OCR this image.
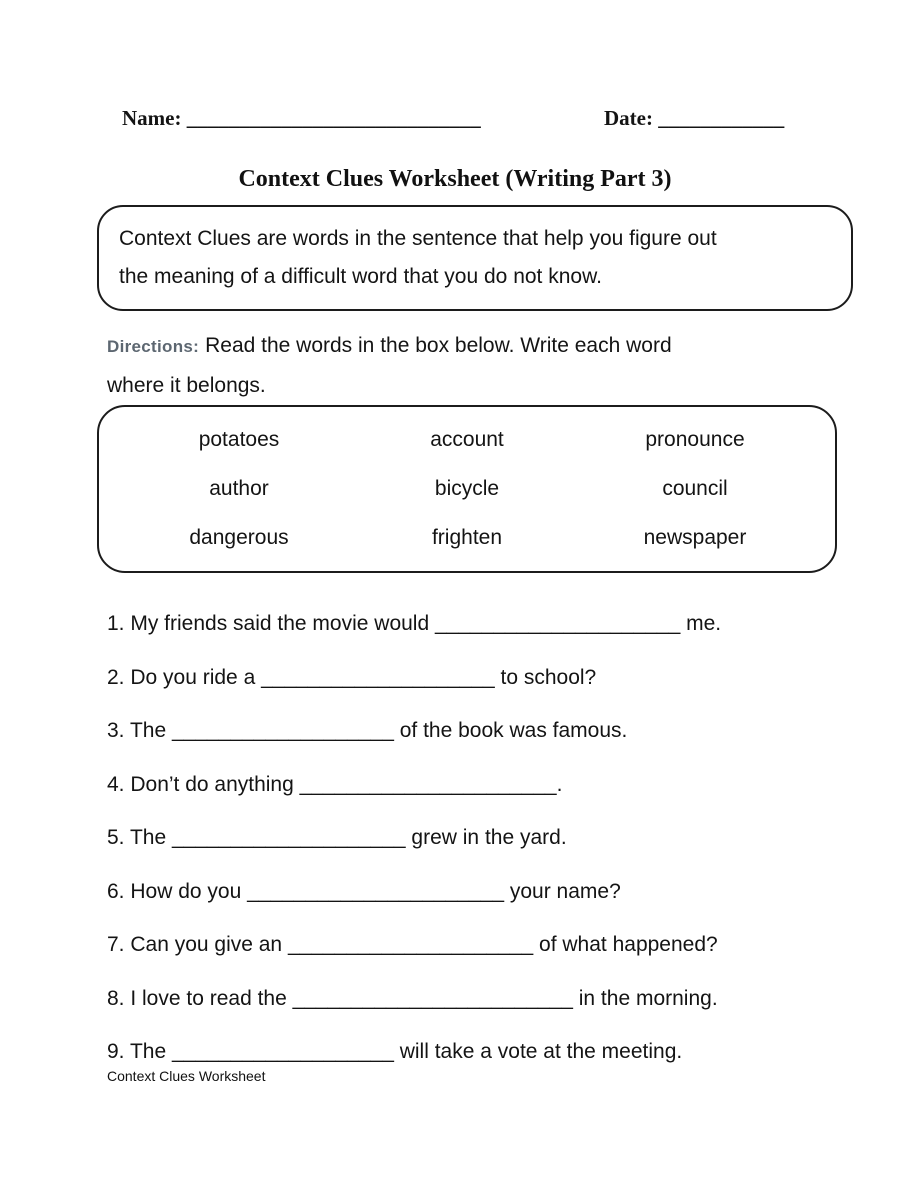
Name: ____________________________	Date: ____________
Context Clues Worksheet (Writing Part 3)
Context Clues are words in the sentence that help you figure out
the meaning of a difficult word that you do not know.
Directions: Read the words in the box below. Write each word
where it belongs.
potatoes	account	pronounce
author	bicycle	council
dangerous	frighten	newspaper
1. My friends said the movie would _____________________ me.
2. Do you ride a ____________________ to school?
3. The ___________________ of the book was famous.
4. Don’t do anything ______________________.
5. The ____________________ grew in the yard.
6. How do you ______________________ your name?
7. Can you give an _____________________ of what happened?
8. I love to read the ________________________ in the morning.
9. The ___________________ will take a vote at the meeting.
Context Clues Worksheet
